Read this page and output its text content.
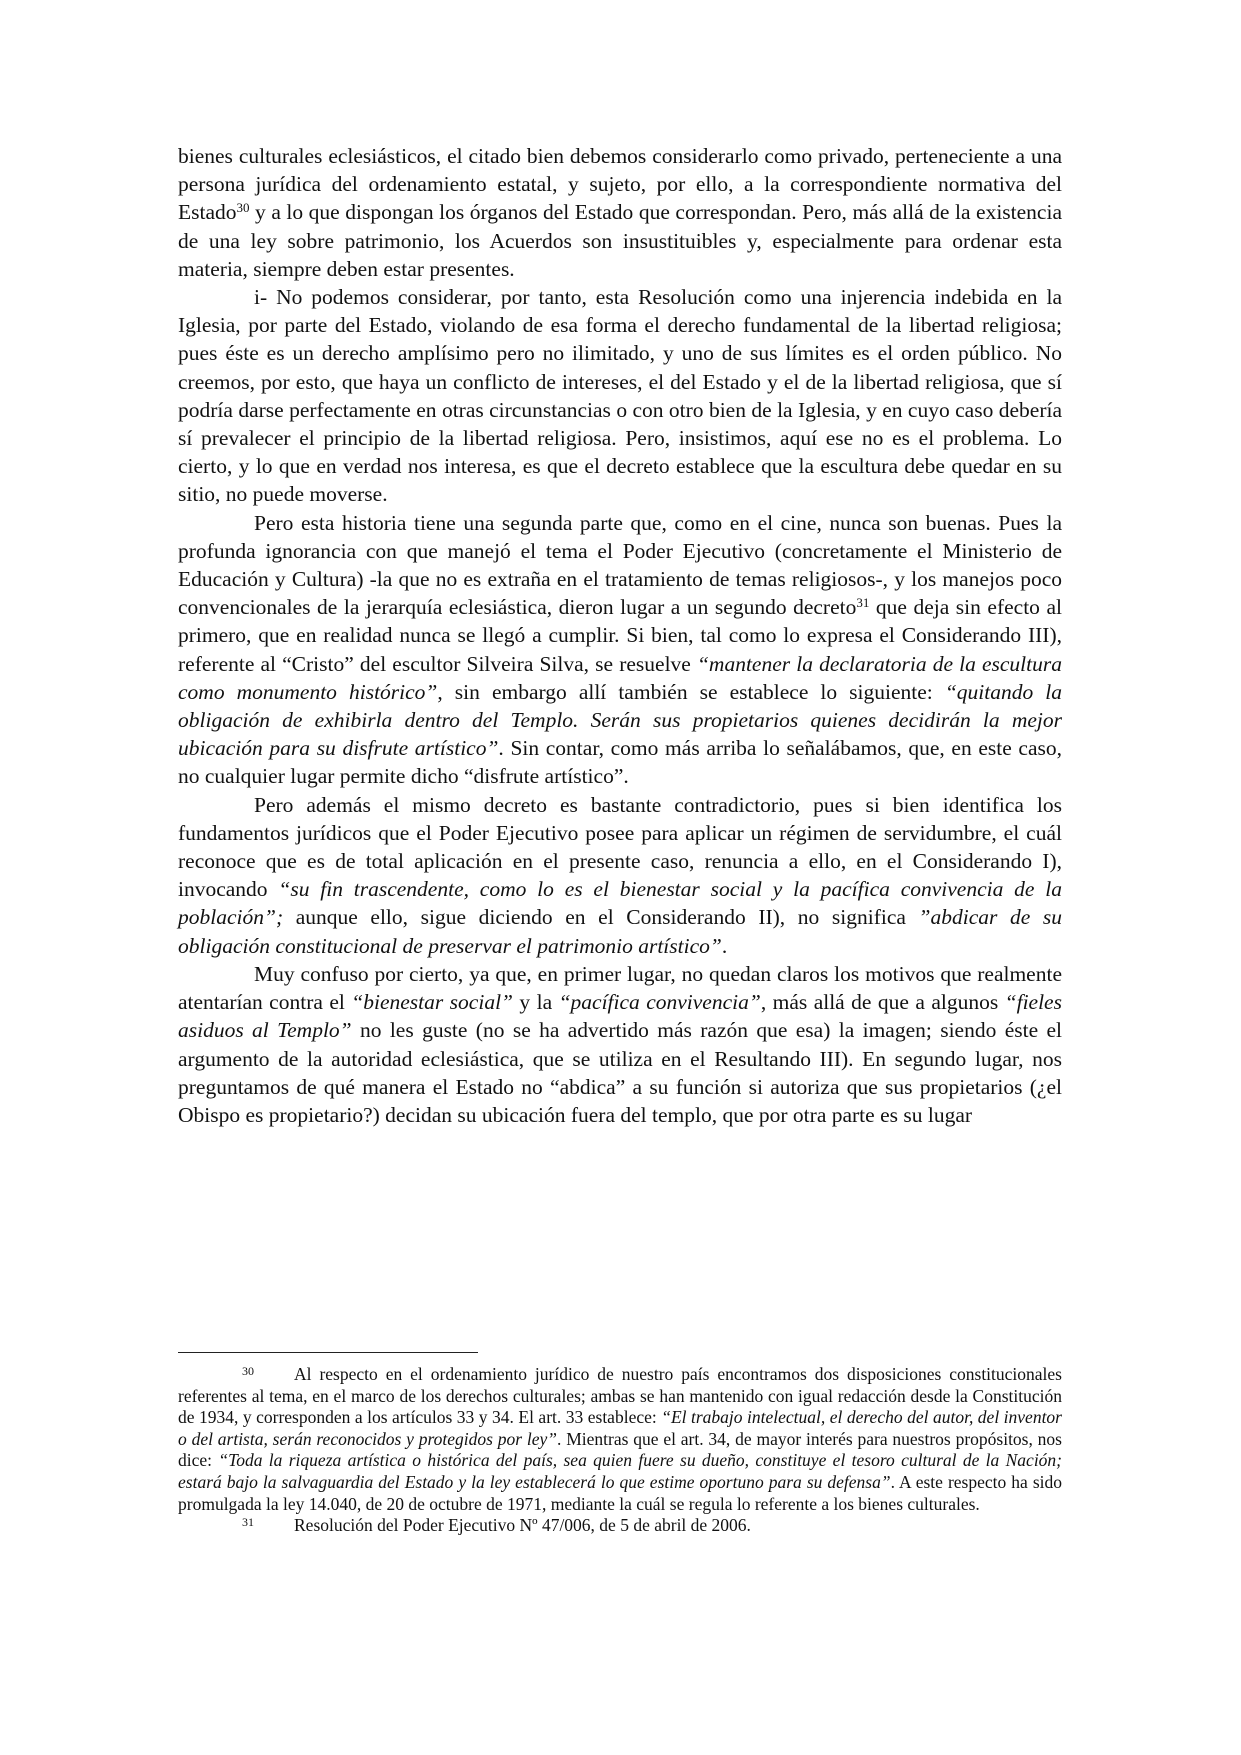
bienes culturales eclesiásticos, el citado bien debemos considerarlo como privado, perteneciente a una persona jurídica del ordenamiento estatal, y sujeto, por ello, a la correspondiente normativa del Estado$^{30}$ y a lo que dispongan los órganos del Estado que correspondan. Pero, más allá de la existencia de una ley sobre patrimonio, los Acuerdos son insustituibles y, especialmente para ordenar esta materia, siempre deben estar presentes.

i- No podemos considerar, por tanto, esta Resolución como una injerencia indebida en la Iglesia, por parte del Estado, violando de esa forma el derecho fundamental de la libertad religiosa; pues éste es un derecho amplísimo pero no ilimitado, y uno de sus límites es el orden público. No creemos, por esto, que haya un conflicto de intereses, el del Estado y el de la libertad religiosa, que sí podría darse perfectamente en otras circunstancias o con otro bien de la Iglesia, y en cuyo caso debería sí prevalecer el principio de la libertad religiosa. Pero, insistimos, aquí ese no es el problema. Lo cierto, y lo que en verdad nos interesa, es que el decreto establece que la escultura debe quedar en su sitio, no puede moverse.

Pero esta historia tiene una segunda parte que, como en el cine, nunca son buenas. Pues la profunda ignorancia con que manejó el tema el Poder Ejecutivo (concretamente el Ministerio de Educación y Cultura) -la que no es extraña en el tratamiento de temas religiosos-, y los manejos poco convencionales de la jerarquía eclesiástica, dieron lugar a un segundo decreto$^{31}$ que deja sin efecto al primero, que en realidad nunca se llegó a cumplir. Si bien, tal como lo expresa el Considerando III), referente al “Cristo” del escultor Silveira Silva, se resuelve “mantener la declaratoria de la escultura como monumento histórico”, sin embargo allí también se establece lo siguiente: “quitando la obligación de exhibirla dentro del Templo. Serán sus propietarios quienes decidirán la mejor ubicación para su disfrute artístico”. Sin contar, como más arriba lo señalábamos, que, en este caso, no cualquier lugar permite dicho “disfrute artístico”.

Pero además el mismo decreto es bastante contradictorio, pues si bien identifica los fundamentos jurídicos que el Poder Ejecutivo posee para aplicar un régimen de servidumbre, el cuál reconoce que es de total aplicación en el presente caso, renuncia a ello, en el Considerando I), invocando “su fin trascendente, como lo es el bienestar social y la pacífica convivencia de la población”; aunque ello, sigue diciendo en el Considerando II), no significa ”abdicar de su obligación constitucional de preservar el patrimonio artístico”.

Muy confuso por cierto, ya que, en primer lugar, no quedan claros los motivos que realmente atentarían contra el “bienestar social” y la “pacífica convivencia”, más allá de que a algunos “fieles asiduos al Templo” no les guste (no se ha advertido más razón que esa) la imagen; siendo éste el argumento de la autoridad eclesiástica, que se utiliza en el Resultando III). En segundo lugar, nos preguntamos de qué manera el Estado no “abdica” a su función si autoriza que sus propietarios (¿el Obispo es propietario?) decidan su ubicación fuera del templo, que por otra parte es su lugar

30 Al respecto en el ordenamiento jurídico de nuestro país encontramos dos disposiciones constitucionales referentes al tema, en el marco de los derechos culturales; ambas se han mantenido con igual redacción desde la Constitución de 1934, y corresponden a los artículos 33 y 34. El art. 33 establece: “El trabajo intelectual, el derecho del autor, del inventor o del artista, serán reconocidos y protegidos por ley”. Mientras que el art. 34, de mayor interés para nuestros propósitos, nos dice: “Toda la riqueza artística o histórica del país, sea quien fuere su dueño, constituye el tesoro cultural de la Nación; estará bajo la salvaguardia del Estado y la ley establecerá lo que estime oportuno para su defensa”. A este respecto ha sido promulgada la ley 14.040, de 20 de octubre de 1971, mediante la cuál se regula lo referente a los bienes culturales.

31 Resolución del Poder Ejecutivo Nº 47/006, de 5 de abril de 2006.
